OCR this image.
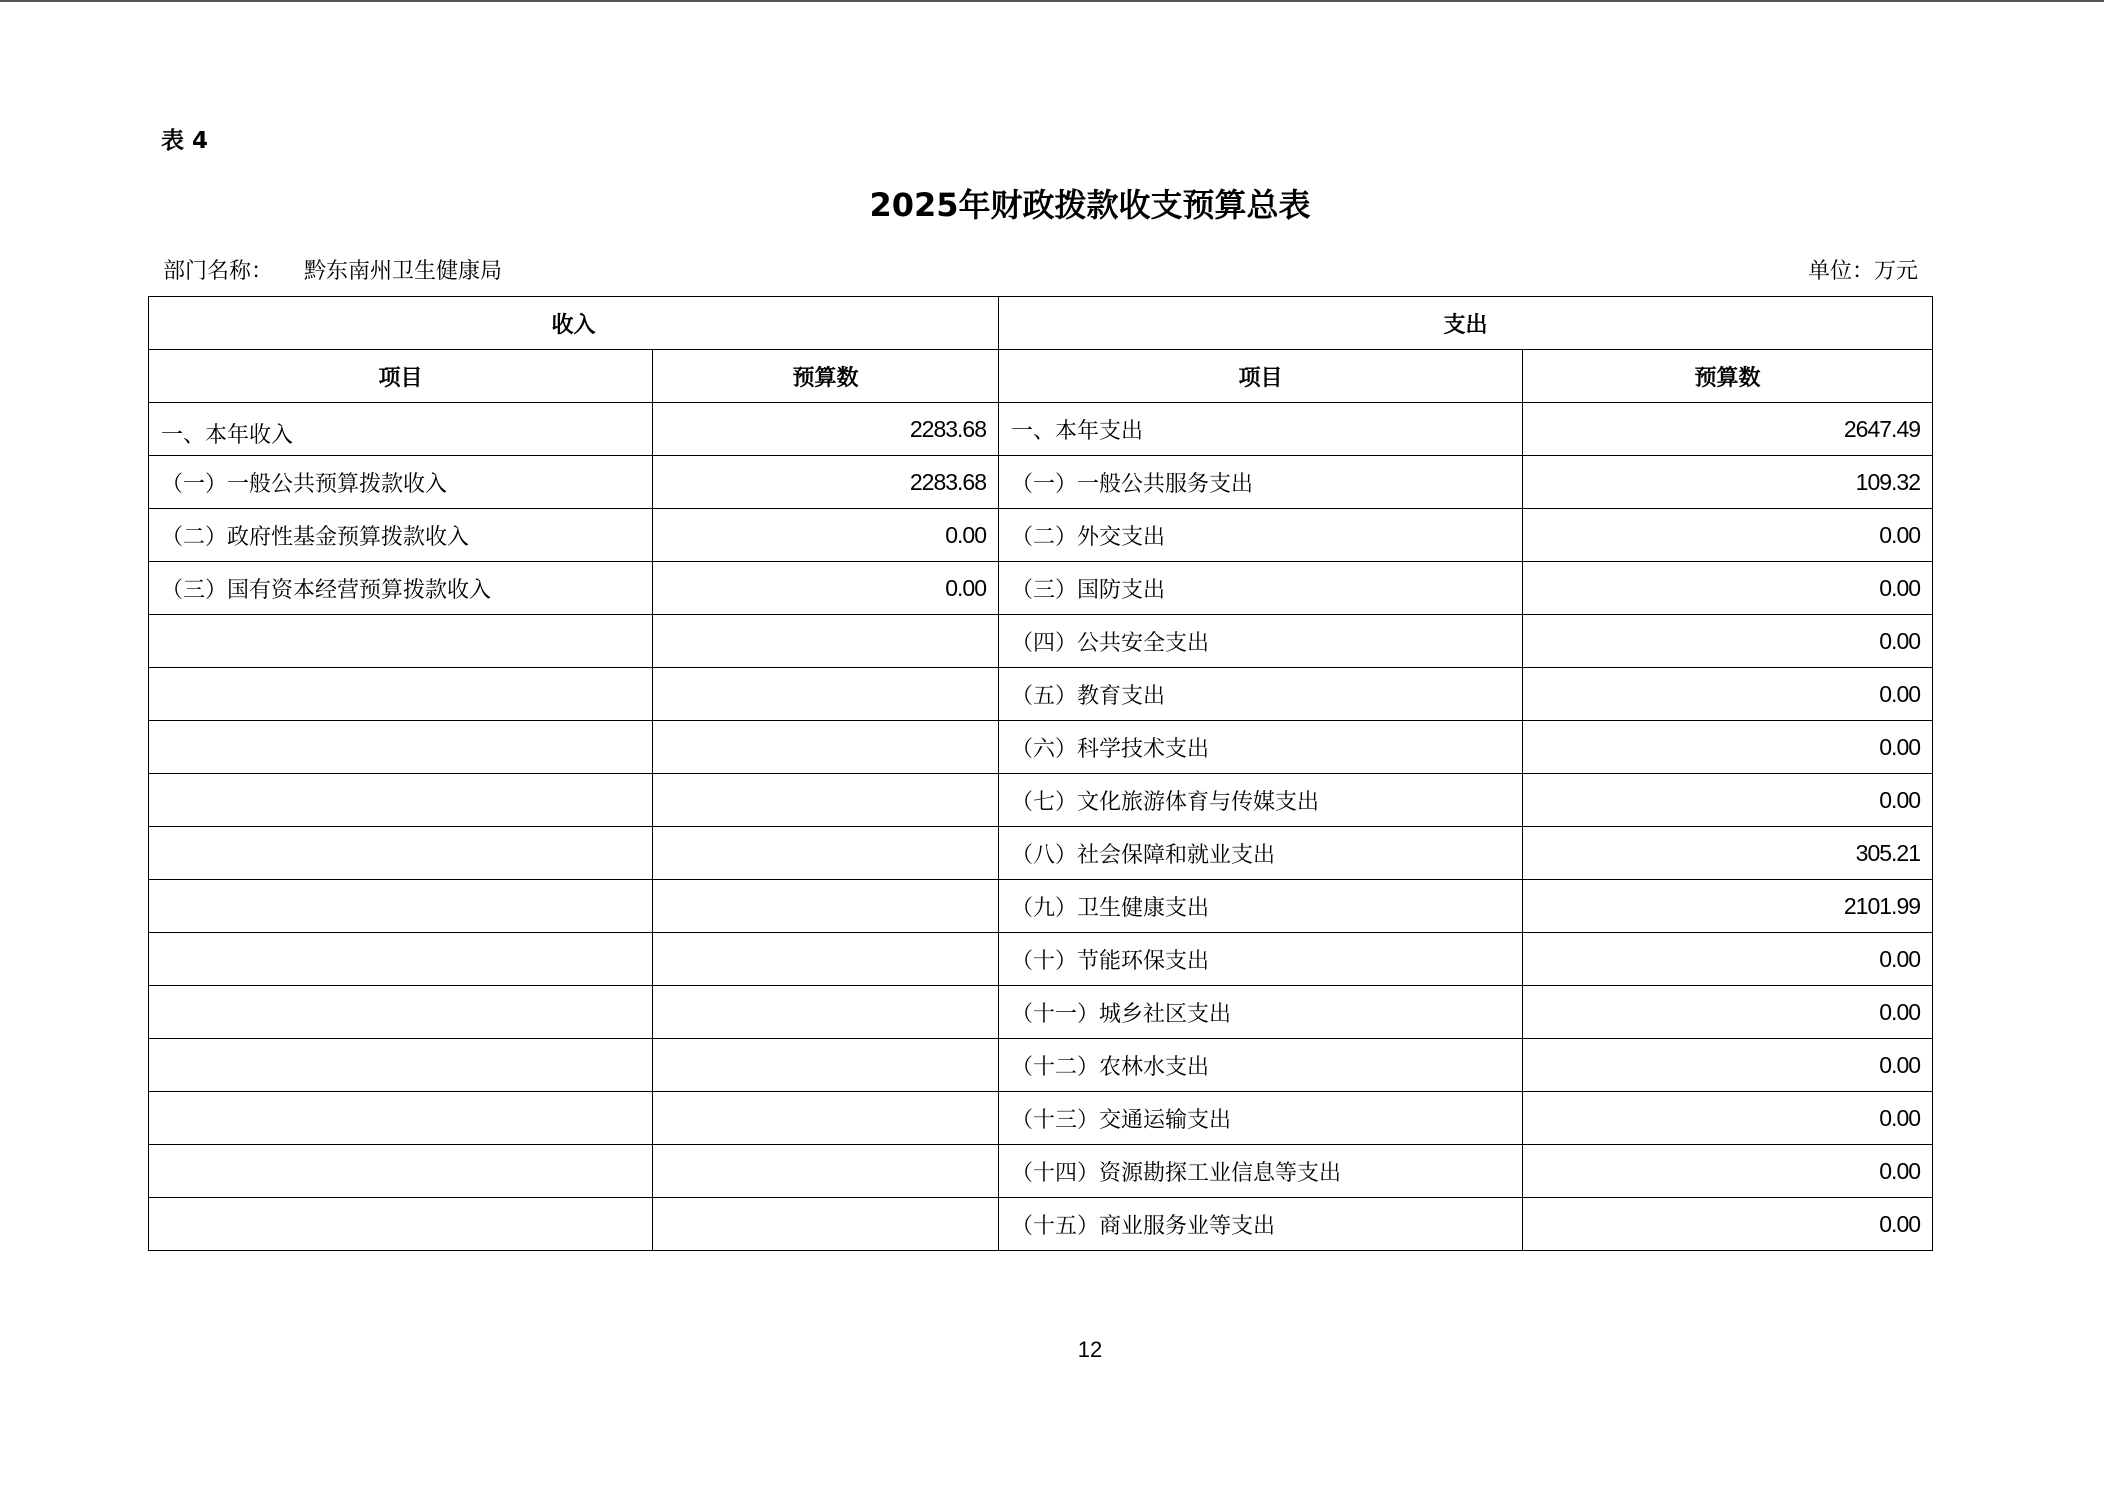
表 4
2025年财政拨款收支预算总表
部门名称： 黔东南州卫生健康局	单位：万元
收入		支出	
项目	预算数	项目	预算数
一、本年收入	2283.68	一、本年支出	2647.49
（一）一般公共预算拨款收入	2283.68	（一）一般公共服务支出	109.32
（二）政府性基金预算拨款收入	0.00	（二）外交支出	0.00
（三）国有资本经营预算拨款收入	0.00	（三）国防支出	0.00
		（四）公共安全支出	0.00
		（五）教育支出	0.00
		（六）科学技术支出	0.00
		（七）文化旅游体育与传媒支出	0.00
		（八）社会保障和就业支出	305.21
		（九）卫生健康支出	2101.99
		（十）节能环保支出	0.00
		（十一）城乡社区支出	0.00
		（十二）农林水支出	0.00
		（十三）交通运输支出	0.00
		（十四）资源勘探工业信息等支出	0.00
		（十五）商业服务业等支出	0.00
12
